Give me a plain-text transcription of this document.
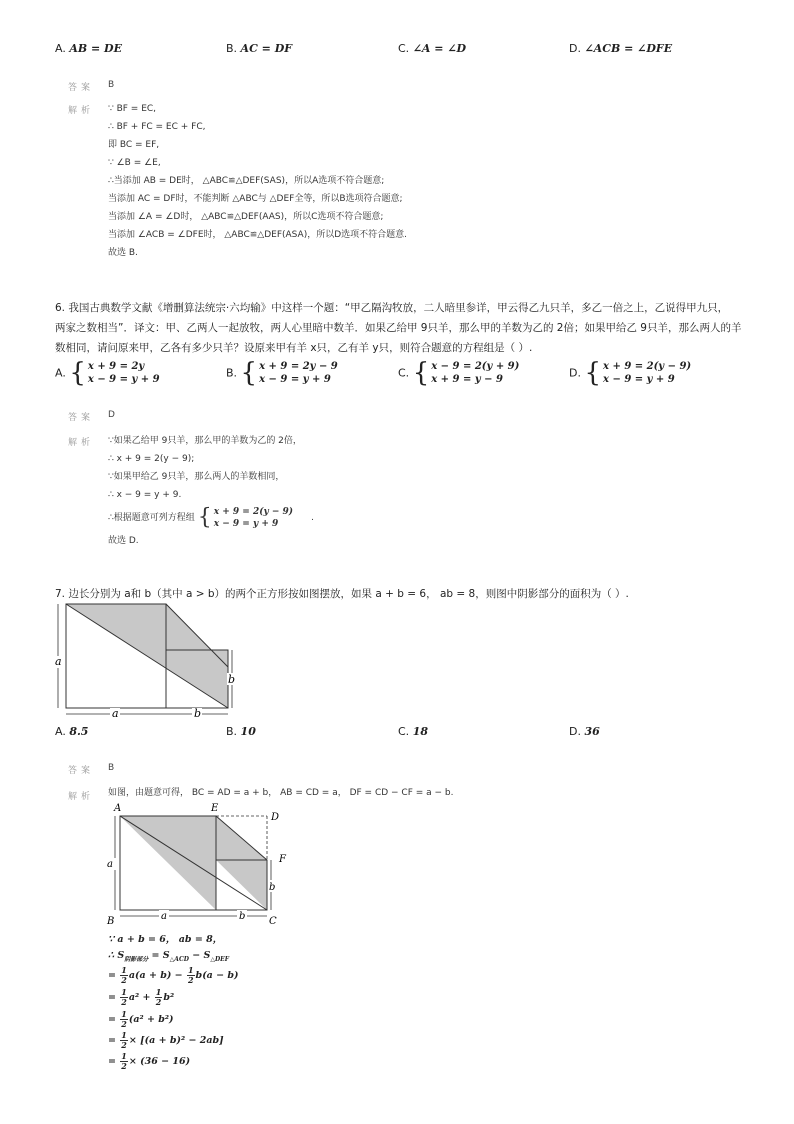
A. AB = DE	B. AC = DF	C. ∠A = ∠D	D. ∠ACB = ∠DFE
答案 B
解析 ∵ BF = EC,
∴ BF + FC = EC + FC,
即 BC = EF,
∵ ∠B = ∠E,
∴当添加 AB = DE时， △ABC≌△DEF(SAS)，所以A选项不符合题意;
当添加 AC = DF时，不能判断 △ABC与 △DEF全等，所以B选项符合题意;
当添加 ∠A = ∠D时， △ABC≌△DEF(AAS)，所以C选项不符合题意;
当添加 ∠ACB = ∠DFE时， △ABC≌△DEF(ASA)，所以D选项不符合题意.
故选 B.
6. 我国古典数学文献《增删算法统宗·六均输》中这样一个题：“甲乙隔沟牧放，二人暗里参详，甲云得乙九只羊，多乙一倍之上，乙说得甲九只，
两家之数相当”．译文：甲、乙两人一起放牧，两人心里暗中数羊．如果乙给甲 9只羊，那么甲的羊数为乙的 2倍；如果甲给乙 9只羊，那么两人的羊
数相同，请问原来甲，乙各有多少只羊？设原来甲有羊 x只，乙有羊 y只，则符合题意的方程组是（ ）.
A. { x + 9 = 2y
x − 9 = y + 9	B. { x + 9 = 2y − 9
x − 9 = y + 9	C. { x − 9 = 2(y + 9)
x + 9 = y − 9	D. { x + 9 = 2(y − 9)
x − 9 = y + 9
答案 D
解析 ∵如果乙给甲 9只羊，那么甲的羊数为乙的 2倍，
∴ x + 9 = 2(y − 9);
∵如果甲给乙 9只羊，那么两人的羊数相同，
∴ x − 9 = y + 9.
∴根据题意可列方程组 { x + 9 = 2(y − 9)
x − 9 = y + 9
.
故选 D.
7. 边长分别为 a和 b（其中 a > b）的两个正方形按如图摆放，如果 a + b = 6， ab = 8，则图中阴影部分的面积为（ ）.
a
a	b
b
A. 8.5	B. 10	C. 18	D. 36
答案 B
解析 如图，由题意可得， BC = AD = a + b， AB = CD = a， DF = CD − CF = a − b.
A	E
D
F
B	C
a
a	b
b
∵ a + b = 6， ab = 8，
∴ $S_{阴影部分} = S_{\triangle ACD} - S_{\triangle DEF}$
= $\frac{1}{2} a(a + b) - \frac{1}{2} b(a - b)$
= $\frac{1}{2} a^2 + \frac{1}{2} b^2$
= $\frac{1}{2} (a^2 + b^2)$
= $\frac{1}{2} \times [(a + b)^2 - 2ab]$
= $\frac{1}{2} \times (36 - 16)$
